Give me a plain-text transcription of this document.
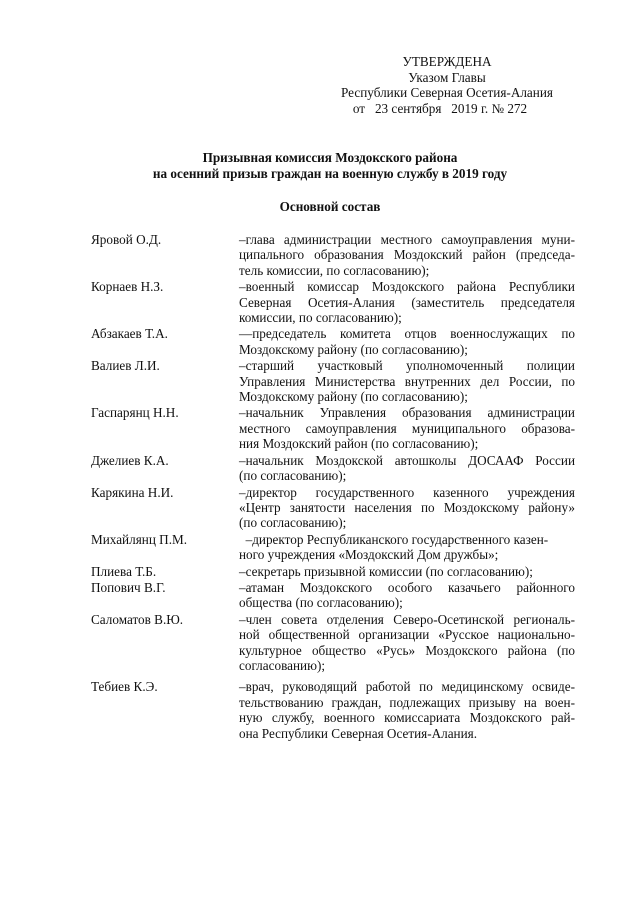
УТВЕРЖДЕНА
Указом Главы
Республики Северная Осетия-Алания
от   23 сентября   2019 г. № 272
Призывная комиссия Моздокского района
на осенний призыв граждан на военную службу в 2019 году
Основной состав
Яровой О.Д.	–глава администрации местного самоуправления муни-
ципального образования Моздокский район (председа-
тель комиссии, по согласованию);
Корнаев Н.З.	–военный комиссар Моздокского района Республики
Северная Осетия-Алания (заместитель председателя
комиссии, по согласованию);
Абзакаев Т.А.	—председатель комитета отцов военнослужащих по
Моздокскому району (по согласованию);
Валиев Л.И.	–старший участковый уполномоченный полиции
Управления Министерства внутренних дел России, по
Моздокскому району (по согласованию);
Гаспарянц Н.Н.	–начальник Управления образования администрации
местного самоуправления муниципального образова-
ния Моздокский район (по согласованию);
Джелиев К.А.	–начальник Моздокской автошколы ДОСААФ России
(по согласованию);
Карякина Н.И.	–директор государственного казенного учреждения
«Центр занятости населения по Моздокскому району»
(по согласованию);
Михайлянц П.М.	–директор Республиканского государственного казен-
ного учреждения «Моздокский Дом дружбы»;
Плиева Т.Б.	–секретарь призывной комиссии (по согласованию);
Попович В.Г.	–атаман Моздокского особого казачьего районного
общества (по согласованию);
Саломатов В.Ю.	–член совета отделения Северо-Осетинской региональ-
ной общественной организации «Русское национально-
культурное общество «Русь» Моздокского района (по
согласованию);
Тебиев К.Э.	–врач, руководящий работой по медицинскому освиде-
тельствованию граждан, подлежащих призыву на воен-
ную службу, военного комиссариата Моздокского рай-
она Республики Северная Осетия-Алания.
